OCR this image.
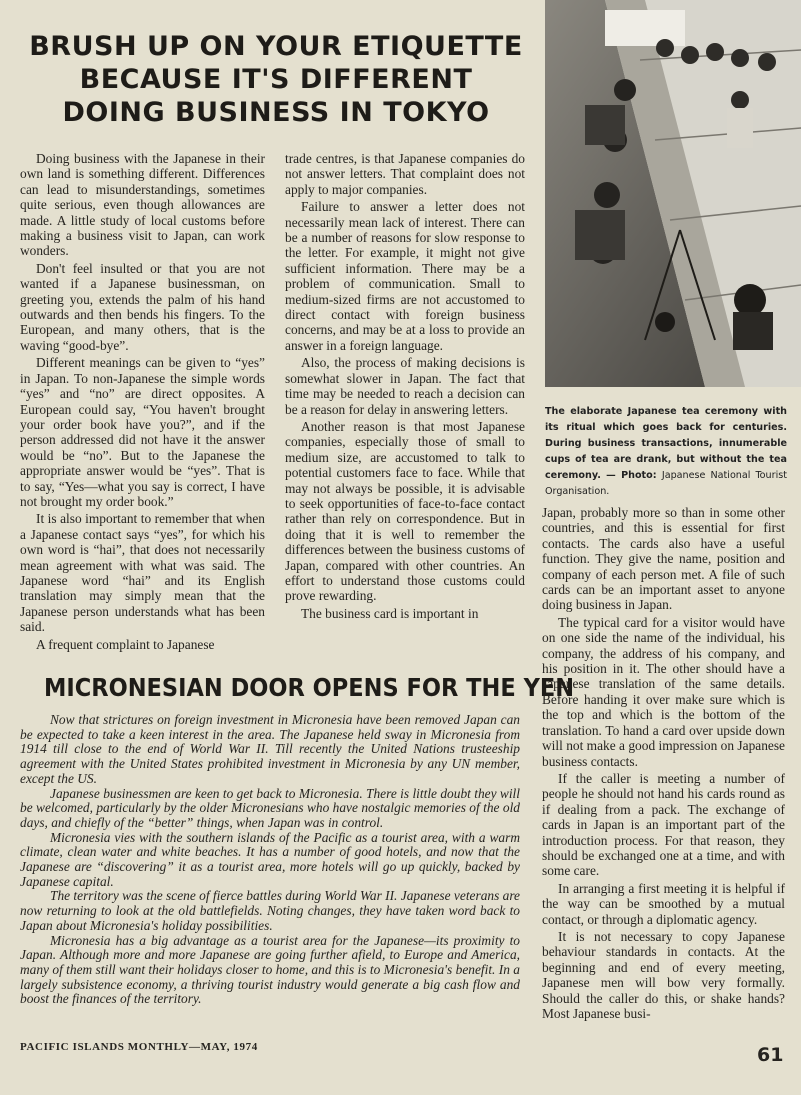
BRUSH UP ON YOUR ETIQUETTE
BECAUSE IT'S DIFFERENT
DOING BUSINESS IN TOKYO

Doing business with the Japanese in their own land is something different. Differences can lead to misunderstandings, sometimes quite serious, even though allowances are made. A little study of local customs before making a business visit to Japan, can work wonders.

Don't feel insulted or that you are not wanted if a Japanese businessman, on greeting you, extends the palm of his hand outwards and then bends his fingers. To the European, and many others, that is the waving “good-bye”.

Different meanings can be given to “yes” in Japan. To non-Japanese the simple words “yes” and “no” are direct opposites. A European could say, “You haven't brought your order book have you?”, and if the person addressed did not have it the answer would be “no”. But to the Japanese the appropriate answer would be “yes”. That is to say, “Yes—what you say is correct, I have not brought my order book.”

It is also important to remember that when a Japanese contact says “yes”, for which his own word is “hai”, that does not necessarily mean agreement with what was said. The Japanese word “hai” and its English translation may simply mean that the Japanese person understands what has been said.

A frequent complaint to Japanese

trade centres, is that Japanese companies do not answer letters. That complaint does not apply to major companies.

Failure to answer a letter does not necessarily mean lack of interest. There can be a number of reasons for slow response to the letter. For example, it might not give sufficient information. There may be a problem of communication. Small to medium-sized firms are not accustomed to direct contact with foreign business concerns, and may be at a loss to provide an answer in a foreign language.

Also, the process of making decisions is somewhat slower in Japan. The fact that time may be needed to reach a decision can be a reason for delay in answering letters.

Another reason is that most Japanese companies, especially those of small to medium size, are accustomed to talk to potential customers face to face. While that may not always be possible, it is advisable to seek opportunities of face-to-face contact rather than rely on correspondence. But in doing that it is well to remember the differences between the business customs of Japan, compared with other countries. An effort to understand those customs could prove rewarding.

The business card is important in

The elaborate Japanese tea ceremony with its ritual which goes back for centuries. During business transactions, innumerable cups of tea are drank, but without the tea ceremony. — Photo: Japanese National Tourist Organisation.

Japan, probably more so than in some other countries, and this is essential for first contacts. The cards also have a useful function. They give the name, position and company of each person met. A file of such cards can be an important asset to anyone doing business in Japan.

The typical card for a visitor would have on one side the name of the individual, his company, the address of his company, and his position in it. The other should have a Japanese translation of the same details. Before handing it over make sure which is the top and which is the bottom of the translation. To hand a card over upside down will not make a good impression on Japanese business contacts.

If the caller is meeting a number of people he should not hand his cards round as if dealing from a pack. The exchange of cards in Japan is an important part of the introduction process. For that reason, they should be exchanged one at a time, and with some care.

In arranging a first meeting it is helpful if the way can be smoothed by a mutual contact, or through a diplomatic agency.

It is not necessary to copy Japanese behaviour standards in contacts. At the beginning and end of every meeting, Japanese men will bow very formally. Should the caller do this, or shake hands? Most Japanese busi-

MICRONESIAN DOOR OPENS FOR THE YEN

Now that strictures on foreign investment in Micronesia have been removed Japan can be expected to take a keen interest in the area. The Japanese held sway in Micronesia from 1914 till close to the end of World War II. Till recently the United Nations trusteeship agreement with the United States prohibited investment in Micronesia by any UN member, except the US.

Japanese businessmen are keen to get back to Micronesia. There is little doubt they will be welcomed, particularly by the older Micronesians who have nostalgic memories of the old days, and chiefly of the “better” things, when Japan was in control.

Micronesia vies with the southern islands of the Pacific as a tourist area, with a warm climate, clean water and white beaches. It has a number of good hotels, and now that the Japanese are “discovering” it as a tourist area, more hotels will go up quickly, backed by Japanese capital.

The territory was the scene of fierce battles during World War II. Japanese veterans are now returning to look at the old battlefields. Noting changes, they have taken word back to Japan about Micronesia's holiday possibilities.

Micronesia has a big advantage as a tourist area for the Japanese—its proximity to Japan. Although more and more Japanese are going further afield, to Europe and America, many of them still want their holidays closer to home, and this is to Micronesia's benefit. In a largely subsistence economy, a thriving tourist industry would generate a big cash flow and boost the finances of the territory.

PACIFIC ISLANDS MONTHLY—MAY, 1974	61
